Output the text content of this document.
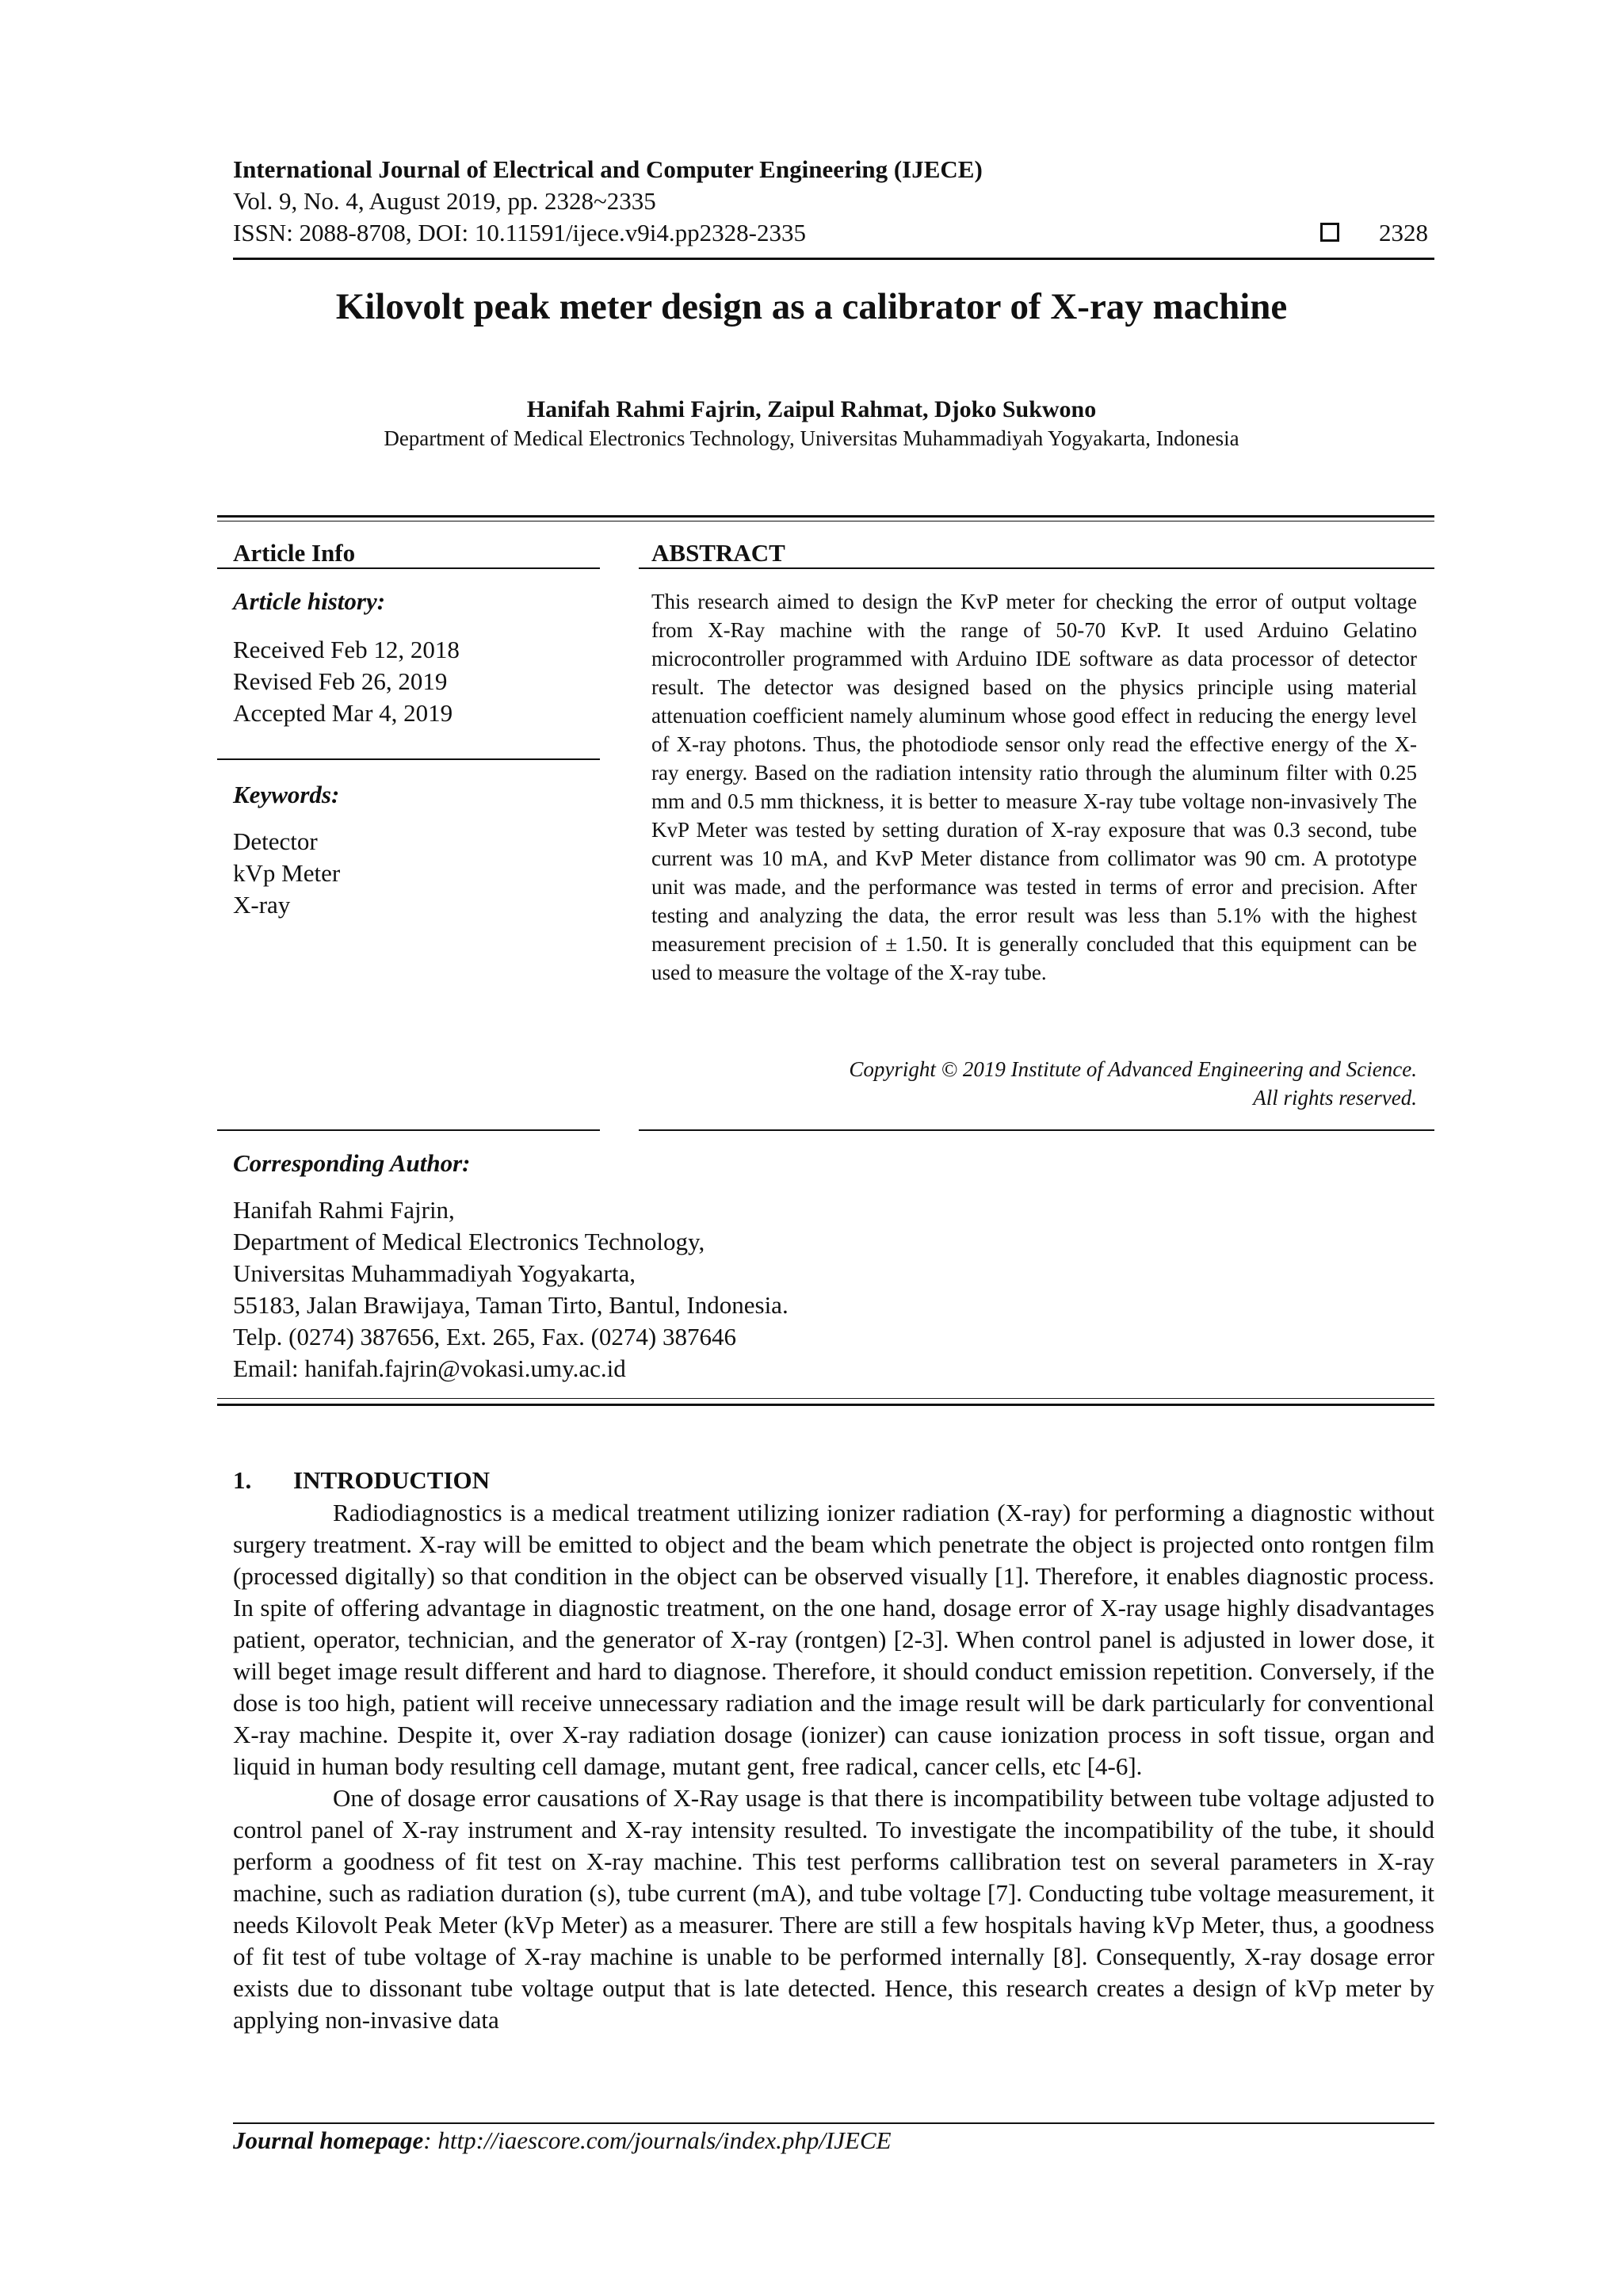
International Journal of Electrical and Computer Engineering (IJECE)
Vol. 9, No. 4, August 2019, pp. 2328~2335
ISSN: 2088-8708, DOI: 10.11591/ijece.v9i4.pp2328-2335	2328
Kilovolt peak meter design as a calibrator of X-ray machine
Hanifah Rahmi Fajrin, Zaipul Rahmat, Djoko Sukwono
Department of Medical Electronics Technology, Universitas Muhammadiyah Yogyakarta, Indonesia
Article Info	ABSTRACT
Article history:
Received Feb 12, 2018
Revised Feb 26, 2019
Accepted Mar 4, 2019
Keywords:
Detector
kVp Meter
X-ray
This research aimed to design the KvP meter for checking the error of output voltage from X-Ray machine with the range of 50-70 KvP. It used Arduino Gelatino microcontroller programmed with Arduino IDE software as data processor of detector result. The detector was designed based on the physics principle using material attenuation coefficient namely aluminum whose good effect in reducing the energy level of X-ray photons. Thus, the photodiode sensor only read the effective energy of the X-ray energy. Based on the radiation intensity ratio through the aluminum filter with 0.25 mm and 0.5 mm thickness, it is better to measure X-ray tube voltage non-invasively The KvP Meter was tested by setting duration of X-ray exposure that was 0.3 second, tube current was 10 mA, and KvP Meter distance from collimator was 90 cm. A prototype unit was made, and the performance was tested in terms of error and precision. After testing and analyzing the data, the error result was less than 5.1% with the highest measurement precision of ± 1.50. It is generally concluded that this equipment can be used to measure the voltage of the X-ray tube.
Copyright © 2019 Institute of Advanced Engineering and Science.
All rights reserved.
Corresponding Author:
Hanifah Rahmi Fajrin,
Department of Medical Electronics Technology,
Universitas Muhammadiyah Yogyakarta,
55183, Jalan Brawijaya, Taman Tirto, Bantul, Indonesia.
Telp. (0274) 387656, Ext. 265, Fax. (0274) 387646
Email: hanifah.fajrin@vokasi.umy.ac.id
1. INTRODUCTION

Radiodiagnostics is a medical treatment utilizing ionizer radiation (X-ray) for performing a diagnostic without surgery treatment. X-ray will be emitted to object and the beam which penetrate the object is projected onto rontgen film (processed digitally) so that condition in the object can be observed visually [1]. Therefore, it enables diagnostic process. In spite of offering advantage in diagnostic treatment, on the one hand, dosage error of X-ray usage highly disadvantages patient, operator, technician, and the generator of X-ray (rontgen) [2-3]. When control panel is adjusted in lower dose, it will beget image result different and hard to diagnose. Therefore, it should conduct emission repetition. Conversely, if the dose is too high, patient will receive unnecessary radiation and the image result will be dark particularly for conventional X-ray machine. Despite it, over X-ray radiation dosage (ionizer) can cause ionization process in soft tissue, organ and liquid in human body resulting cell damage, mutant gent, free radical, cancer cells, etc [4-6].

One of dosage error causations of X-Ray usage is that there is incompatibility between tube voltage adjusted to control panel of X-ray instrument and X-ray intensity resulted. To investigate the incompatibility of the tube, it should perform a goodness of fit test on X-ray machine. This test performs callibration test on several parameters in X-ray machine, such as radiation duration (s), tube current (mA), and tube voltage [7]. Conducting tube voltage measurement, it needs Kilovolt Peak Meter (kVp Meter) as a measurer. There are still a few hospitals having kVp Meter, thus, a goodness of fit test of tube voltage of X-ray machine is unable to be performed internally [8]. Consequently, X-ray dosage error exists due to dissonant tube voltage output that is late detected. Hence, this research creates a design of kVp meter by applying non-invasive data

Journal homepage: http://iaescore.com/journals/index.php/IJECE
